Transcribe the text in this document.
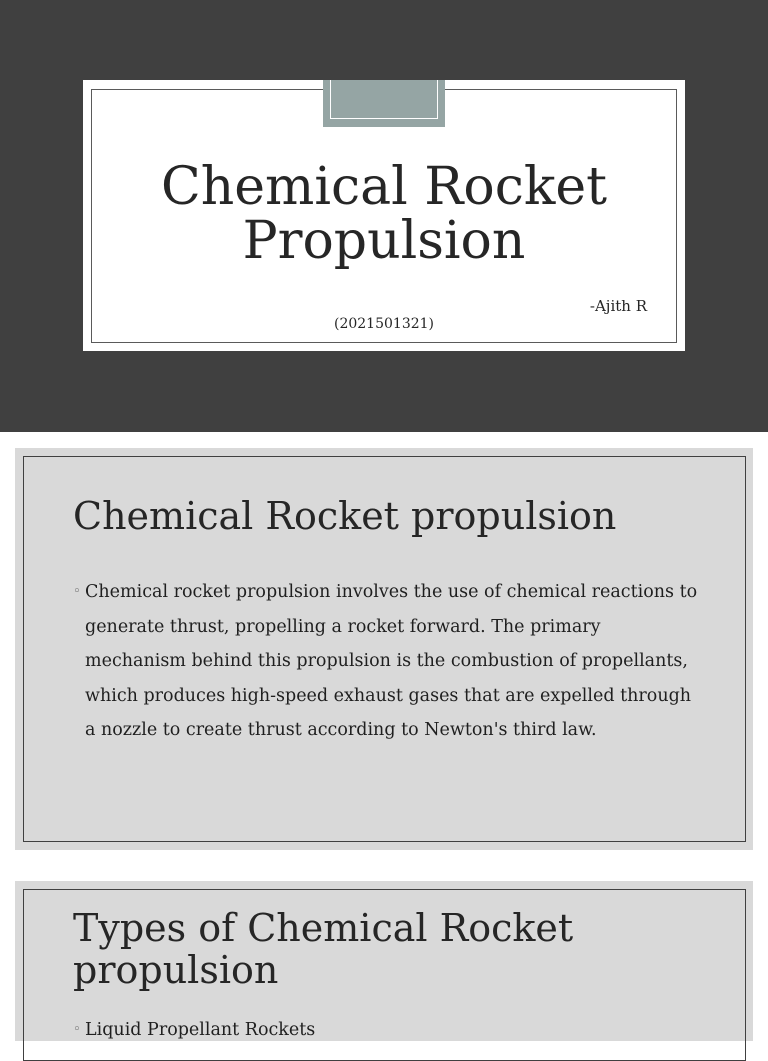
Chemical Rocket Propulsion
-Ajith R
(2021501321)
Chemical Rocket propulsion
◦ Chemical rocket propulsion involves the use of chemical reactions to generate thrust, propelling a rocket forward. The primary mechanism behind this propulsion is the combustion of propellants, which produces high-speed exhaust gases that are expelled through a nozzle to create thrust according to Newton's third law.
Types of Chemical Rocket propulsion
◦ Liquid Propellant Rockets
